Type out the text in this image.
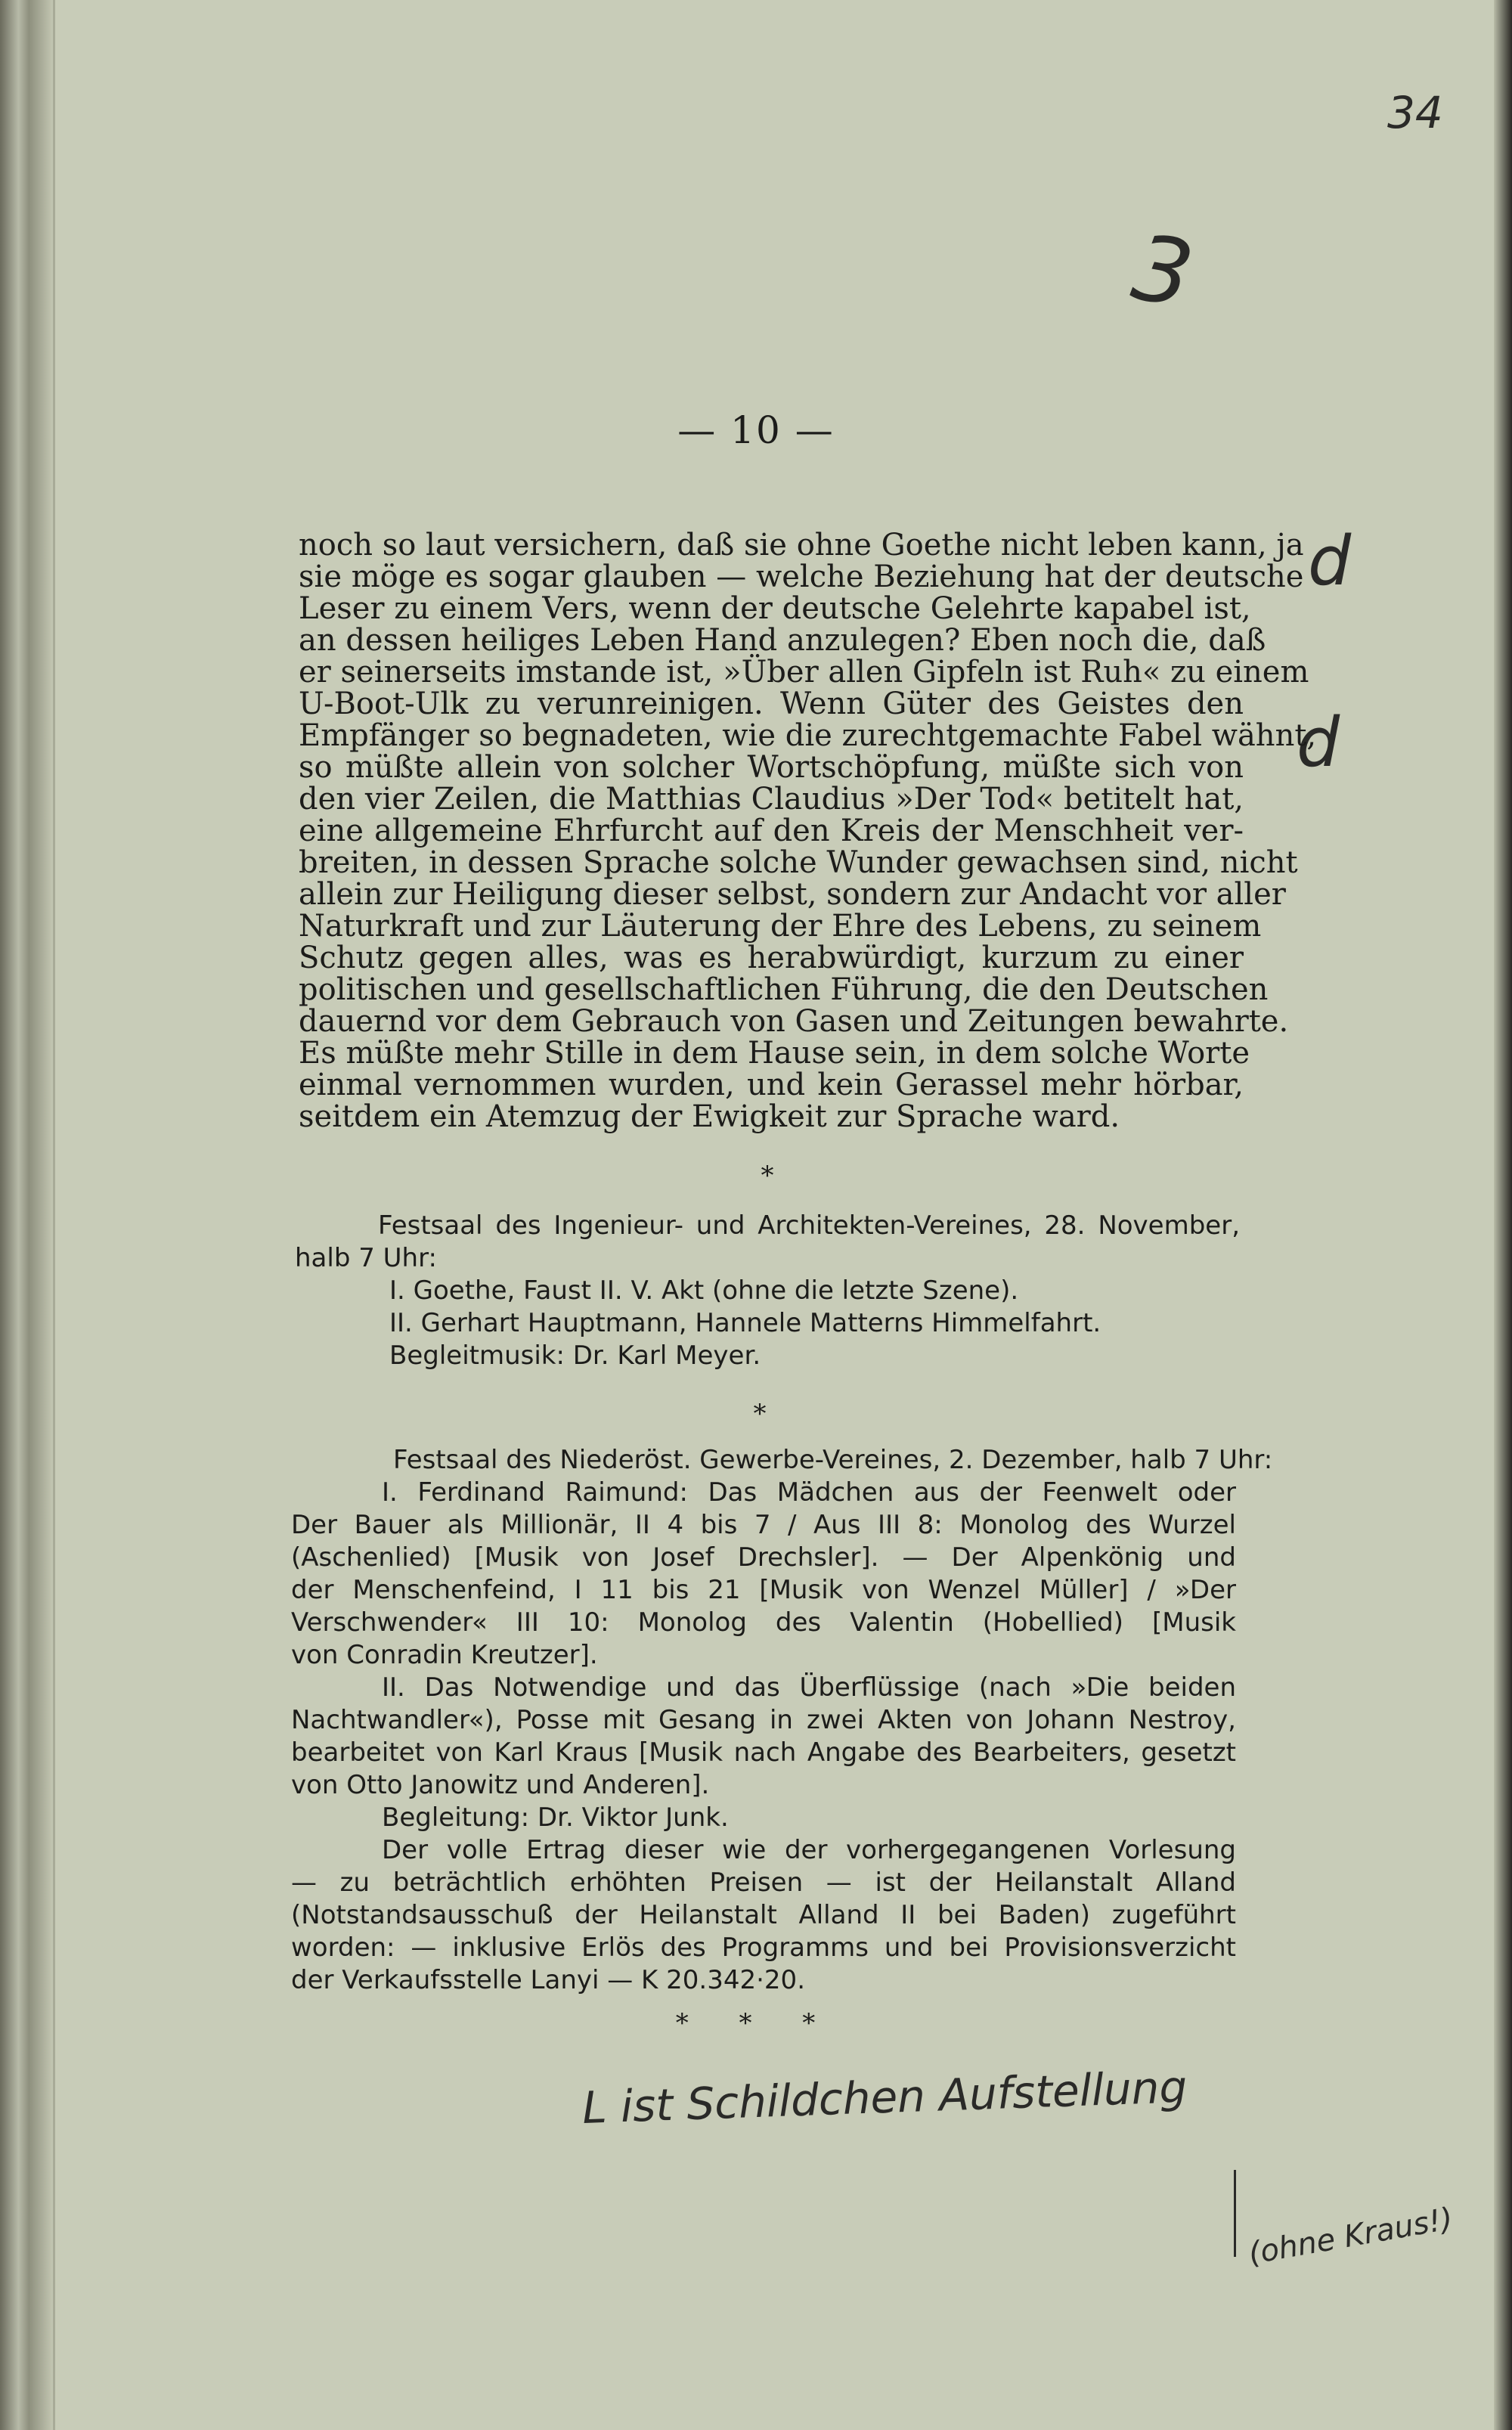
34
3
d
d
L ist Schildchen Aufstellung
(ohne Kraus!)
— 10 —
noch so laut versichern, daß sie ohne Goethe nicht leben kann, ja
sie möge es sogar glauben — welche Beziehung hat der deutsche
Leser zu einem Vers, wenn der deutsche Gelehrte kapabel ist,
an dessen heiliges Leben Hand anzulegen? Eben noch die, daß
er seinerseits imstande ist, »Über allen Gipfeln ist Ruh« zu einem
U-Boot-Ulk zu verunreinigen. Wenn Güter des Geistes den
Empfänger so begnadeten, wie die zurechtgemachte Fabel wähnt,
so müßte allein von solcher Wortschöpfung, müßte sich von
den vier Zeilen, die Matthias Claudius »Der Tod« betitelt hat,
eine allgemeine Ehrfurcht auf den Kreis der Menschheit ver-
breiten, in dessen Sprache solche Wunder gewachsen sind, nicht
allein zur Heiligung dieser selbst, sondern zur Andacht vor aller
Naturkraft und zur Läuterung der Ehre des Lebens, zu seinem
Schutz gegen alles, was es herabwürdigt, kurzum zu einer
politischen und gesellschaftlichen Führung, die den Deutschen
dauernd vor dem Gebrauch von Gasen und Zeitungen bewahrte.
Es müßte mehr Stille in dem Hause sein, in dem solche Worte
einmal vernommen wurden, und kein Gerassel mehr hörbar,
seitdem ein Atemzug der Ewigkeit zur Sprache ward.
*
Festsaal des Ingenieur- und Architekten-Vereines, 28. November,
halb 7 Uhr:
I. Goethe, Faust II. V. Akt (ohne die letzte Szene).
II. Gerhart Hauptmann, Hannele Matterns Himmelfahrt.
Begleitmusik: Dr. Karl Meyer.
*
Festsaal des Niederöst. Gewerbe-Vereines, 2. Dezember, halb 7 Uhr:
I. Ferdinand Raimund: Das Mädchen aus der Feenwelt oder
Der Bauer als Millionär, II 4 bis 7 / Aus III 8: Monolog des Wurzel
(Aschenlied) [Musik von Josef Drechsler]. — Der Alpenkönig und
der Menschenfeind, I 11 bis 21 [Musik von Wenzel Müller] / »Der
Verschwender« III 10: Monolog des Valentin (Hobellied) [Musik
von Conradin Kreutzer].
II. Das Notwendige und das Überflüssige (nach »Die beiden
Nachtwandler«), Posse mit Gesang in zwei Akten von Johann Nestroy,
bearbeitet von Karl Kraus [Musik nach Angabe des Bearbeiters, gesetzt
von Otto Janowitz und Anderen].
Begleitung: Dr. Viktor Junk.
Der volle Ertrag dieser wie der vorhergegangenen Vorlesung
— zu beträchtlich erhöhten Preisen — ist der Heilanstalt Alland
(Notstandsausschuß der Heilanstalt Alland II bei Baden) zugeführt
worden: — inklusive Erlös des Programms und bei Provisionsverzicht
der Verkaufsstelle Lanyi — K 20.342·20.
* * *
